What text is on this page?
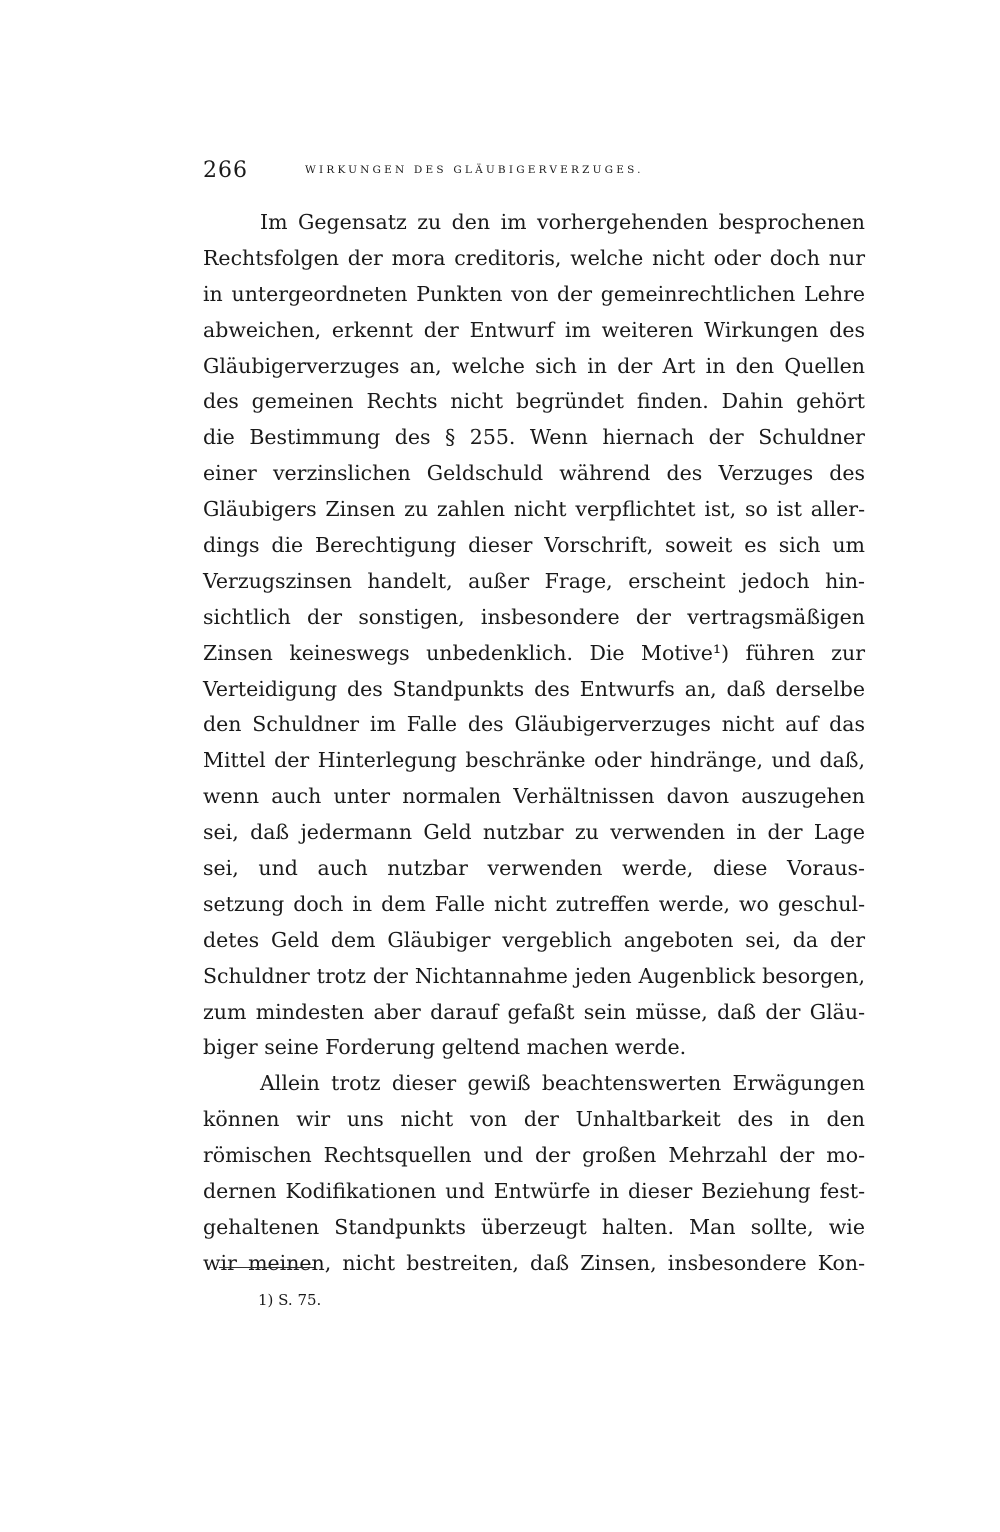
266	WIRKUNGEN DES GLÄUBIGERVERZUGES.
Im Gegensatz zu den im vorhergehenden besprochenen
Rechtsfolgen der mora creditoris, welche nicht oder doch nur
in untergeordneten Punkten von der gemeinrechtlichen Lehre
abweichen, erkennt der Entwurf im weiteren Wirkungen des
Gläubigerverzuges an, welche sich in der Art in den Quellen
des gemeinen Rechts nicht begründet finden. Dahin gehört
die Bestimmung des § 255. Wenn hiernach der Schuldner
einer verzinslichen Geldschuld während des Verzuges des
Gläubigers Zinsen zu zahlen nicht verpflichtet ist, so ist aller-
dings die Berechtigung dieser Vorschrift, soweit es sich um
Verzugszinsen handelt, außer Frage, erscheint jedoch hin-
sichtlich der sonstigen, insbesondere der vertragsmäßigen
Zinsen keineswegs unbedenklich. Die Motive¹) führen zur
Verteidigung des Standpunkts des Entwurfs an, daß derselbe
den Schuldner im Falle des Gläubigerverzuges nicht auf das
Mittel der Hinterlegung beschränke oder hindränge, und daß,
wenn auch unter normalen Verhältnissen davon auszugehen
sei, daß jedermann Geld nutzbar zu verwenden in der Lage
sei, und auch nutzbar verwenden werde, diese Voraus-
setzung doch in dem Falle nicht zutreffen werde, wo geschul-
detes Geld dem Gläubiger vergeblich angeboten sei, da der
Schuldner trotz der Nichtannahme jeden Augenblick besorgen,
zum mindesten aber darauf gefaßt sein müsse, daß der Gläu-
biger seine Forderung geltend machen werde.
Allein trotz dieser gewiß beachtenswerten Erwägungen
können wir uns nicht von der Unhaltbarkeit des in den
römischen Rechtsquellen und der großen Mehrzahl der mo-
dernen Kodifikationen und Entwürfe in dieser Beziehung fest-
gehaltenen Standpunkts überzeugt halten. Man sollte, wie
wir meinen, nicht bestreiten, daß Zinsen, insbesondere Kon-
1) S. 75.
